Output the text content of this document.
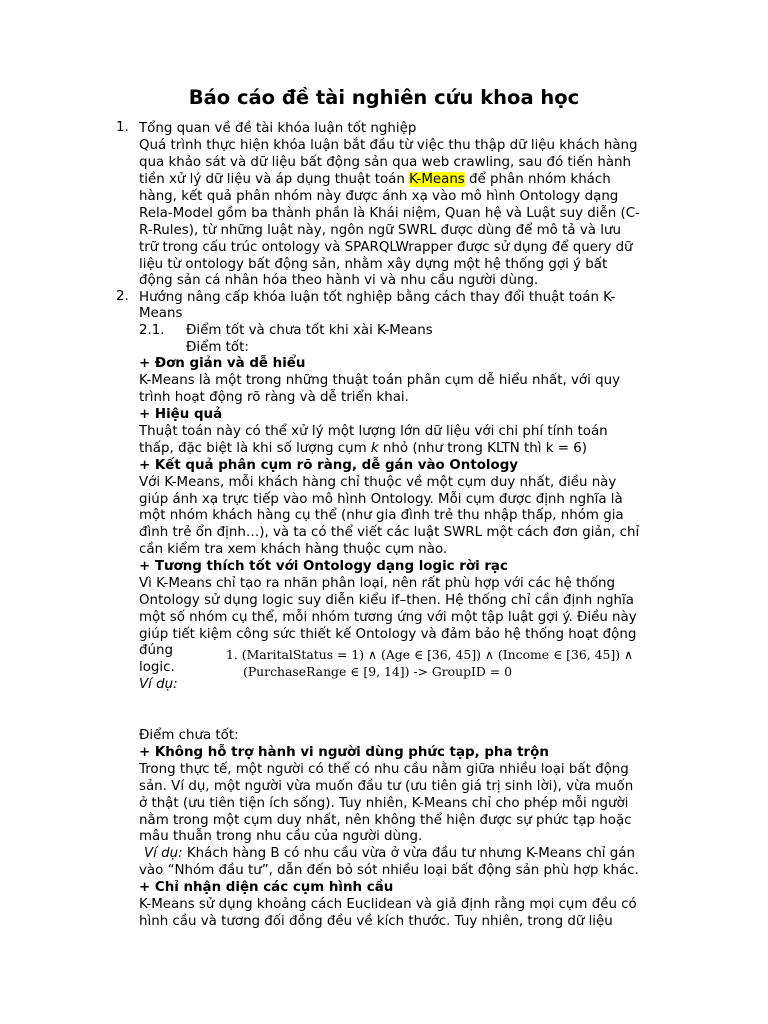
Báo cáo đề tài nghiên cứu khoa học
1. Tổng quan về đề tài khóa luận tốt nghiệp
Quá trình thực hiện khóa luận bắt đầu từ việc thu thập dữ liệu khách hàng
qua khảo sát và dữ liệu bất động sản qua web crawling, sau đó tiến hành
tiền xử lý dữ liệu và áp dụng thuật toán K-Means để phân nhóm khách
hàng, kết quả phân nhóm này được ánh xạ vào mô hình Ontology dạng
Rela-Model gồm ba thành phần là Khái niệm, Quan hệ và Luật suy diễn (C-
R-Rules), từ những luật này, ngôn ngữ SWRL được dùng để mô tả và lưu
trữ trong cấu trúc ontology và SPARQLWrapper được sử dụng để query dữ
liệu từ ontology bất động sản, nhằm xây dựng một hệ thống gợi ý bất
động sản cá nhân hóa theo hành vi và nhu cầu người dùng.
2. Hướng nâng cấp khóa luận tốt nghiệp bằng cách thay đổi thuật toán K-
Means
2.1. Điểm tốt và chưa tốt khi xài K-Means
Điểm tốt:
+ Đơn giản và dễ hiểu
K-Means là một trong những thuật toán phân cụm dễ hiểu nhất, với quy
trình hoạt động rõ ràng và dễ triển khai.
+ Hiệu quả
Thuật toán này có thể xử lý một lượng lớn dữ liệu với chi phí tính toán
thấp, đặc biệt là khi số lượng cụm k nhỏ (như trong KLTN thì k = 6)
+ Kết quả phân cụm rõ ràng, dễ gán vào Ontology
Với K-Means, mỗi khách hàng chỉ thuộc về một cụm duy nhất, điều này
giúp ánh xạ trực tiếp vào mô hình Ontology. Mỗi cụm được định nghĩa là
một nhóm khách hàng cụ thể (như gia đình trẻ thu nhập thấp, nhóm gia
đình trẻ ổn định…), và ta có thể viết các luật SWRL một cách đơn giản, chỉ
cần kiểm tra xem khách hàng thuộc cụm nào.
+ Tương thích tốt với Ontology dạng logic rời rạc
Vì K-Means chỉ tạo ra nhãn phân loại, nên rất phù hợp với các hệ thống
Ontology sử dụng logic suy diễn kiểu if–then. Hệ thống chỉ cần định nghĩa
một số nhóm cụ thể, mỗi nhóm tương ứng với một tập luật gợi ý. Điều này
giúp tiết kiệm công sức thiết kế Ontology và đảm bảo hệ thống hoạt động
đúng
logic.
Ví dụ:
1. (MaritalStatus = 1) ∧ (Age ∈ [36, 45]) ∧ (Income ∈ [36, 45]) ∧
(PurchaseRange ∈ [9, 14]) -> GroupID = 0
Điểm chưa tốt:
+ Không hỗ trợ hành vi người dùng phức tạp, pha trộn
Trong thực tế, một người có thể có nhu cầu nằm giữa nhiều loại bất động
sản. Ví dụ, một người vừa muốn đầu tư (ưu tiên giá trị sinh lời), vừa muốn
ở thật (ưu tiên tiện ích sống). Tuy nhiên, K-Means chỉ cho phép mỗi người
nằm trong một cụm duy nhất, nên không thể hiện được sự phức tạp hoặc
mâu thuẫn trong nhu cầu của người dùng.
Ví dụ: Khách hàng B có nhu cầu vừa ở vừa đầu tư nhưng K-Means chỉ gán
vào “Nhóm đầu tư”, dẫn đến bỏ sót nhiều loại bất động sản phù hợp khác.
+ Chỉ nhận diện các cụm hình cầu
K-Means sử dụng khoảng cách Euclidean và giả định rằng mọi cụm đều có
hình cầu và tương đối đồng đều về kích thước. Tuy nhiên, trong dữ liệu
